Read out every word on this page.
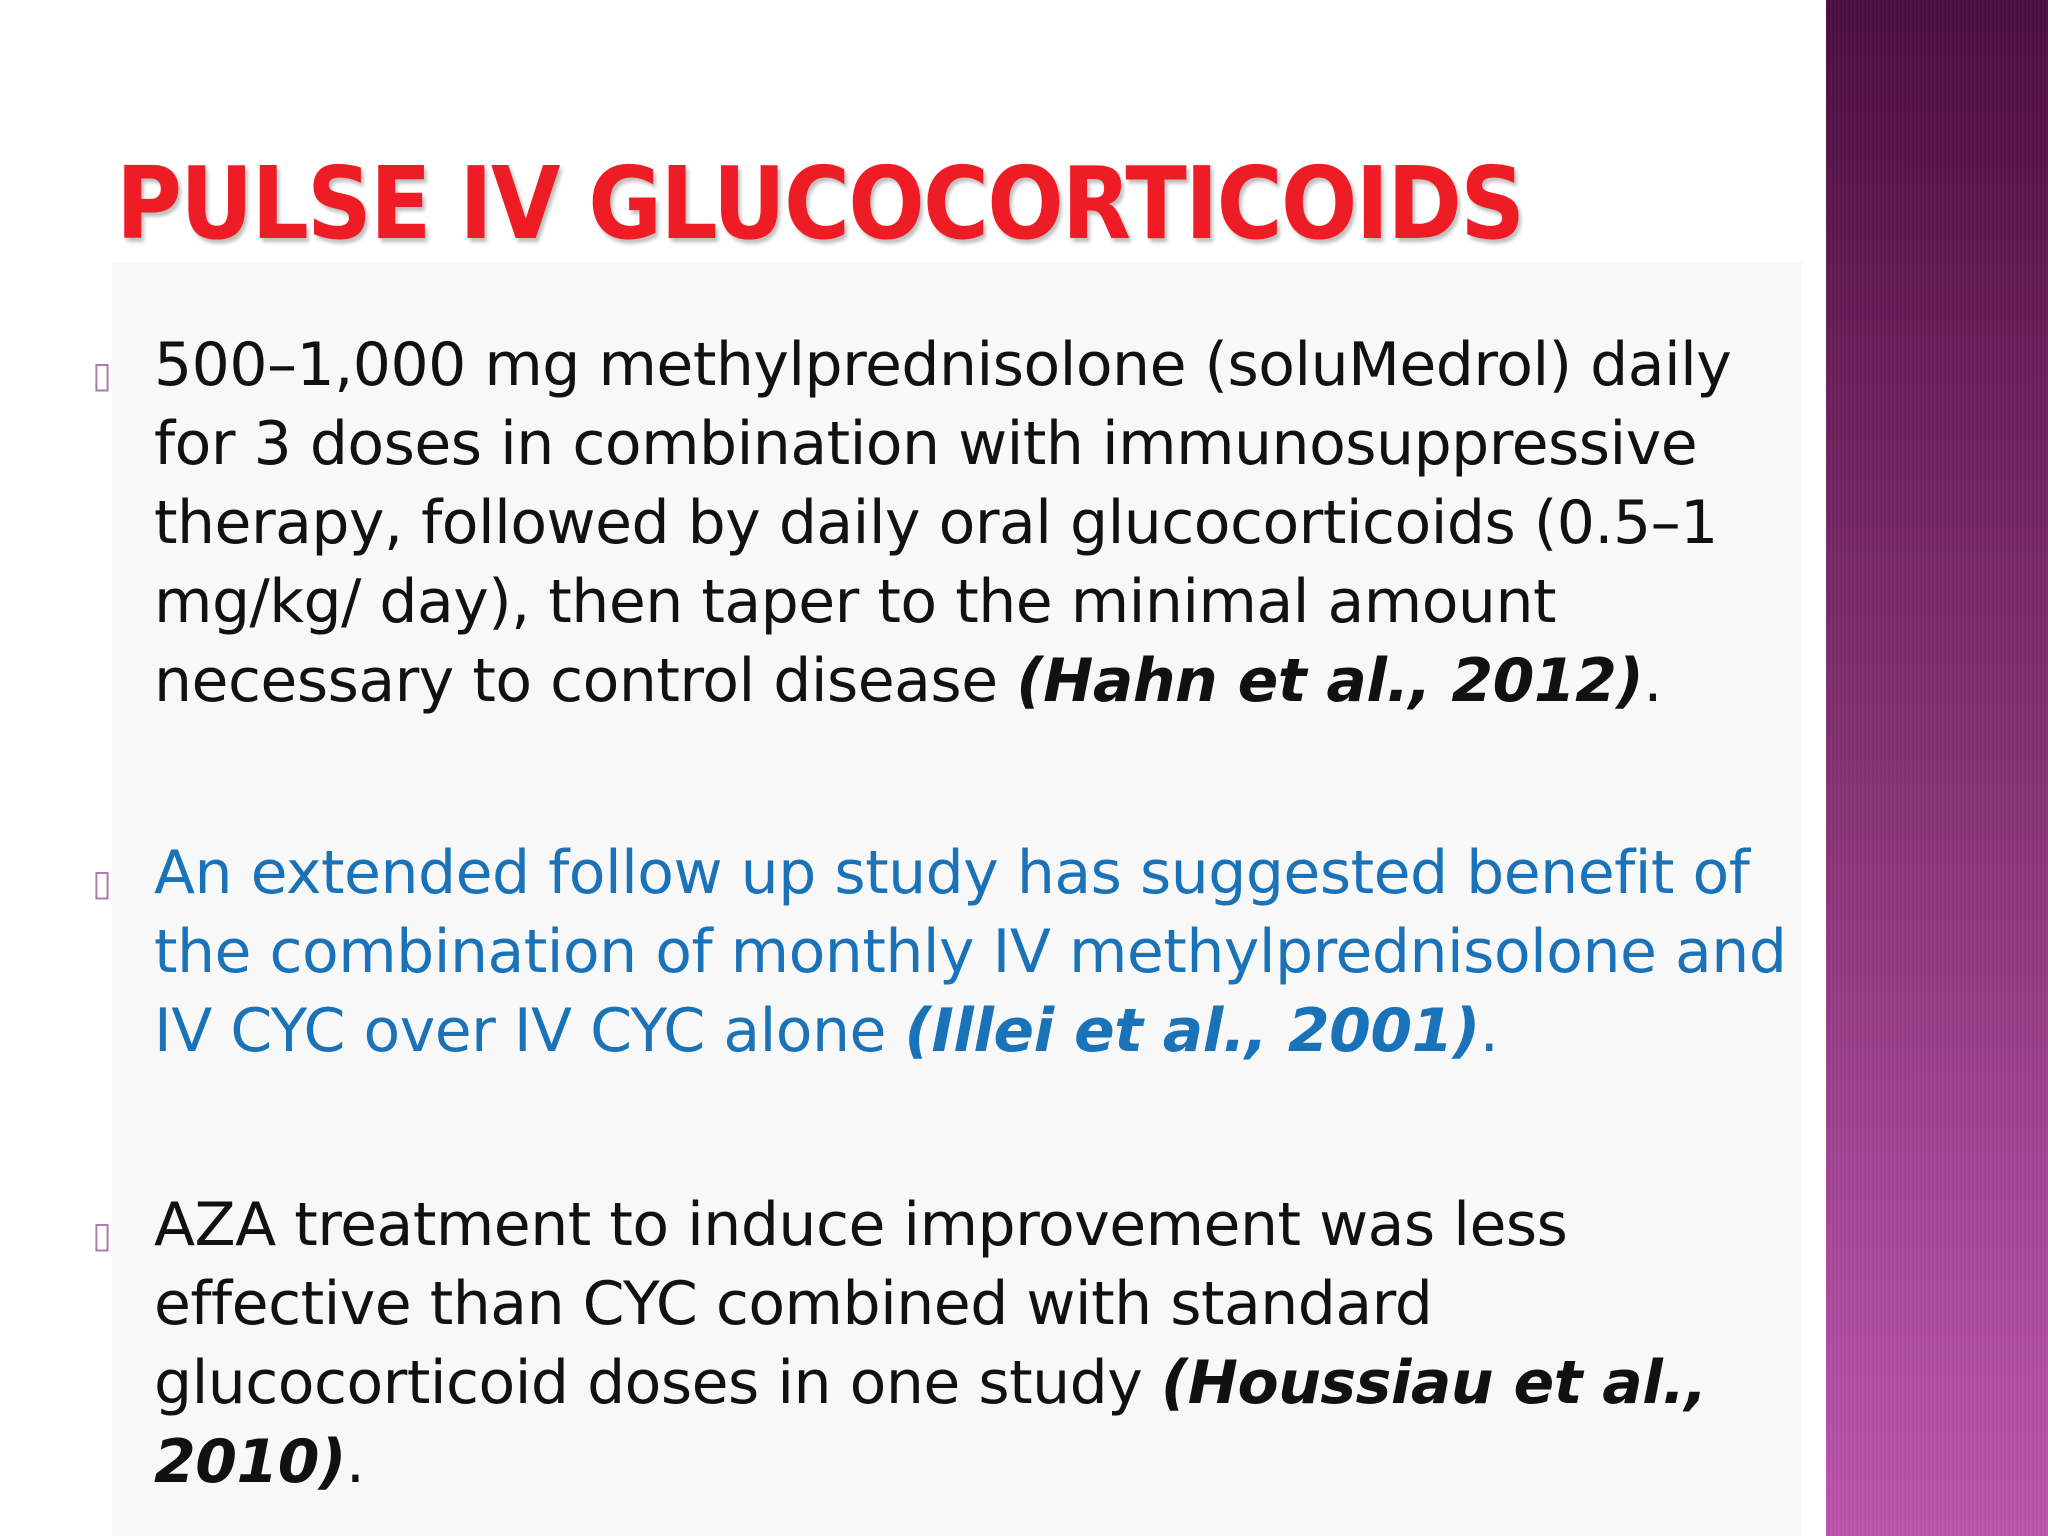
PULSE IV GLUCOCORTICOIDS
▯ 500–1,000 mg methylprednisolone (soluMedrol) daily for 3 doses in combination with immunosuppressive therapy, followed by daily oral glucocorticoids (0.5–1 mg/kg/ day), then taper to the minimal amount necessary to control disease (Hahn et al., 2012).

▯ An extended follow up study has suggested benefit of the combination of monthly IV methylprednisolone and IV CYC over IV CYC alone (Illei et al., 2001).

▯ AZA treatment to induce improvement was less effective than CYC combined with standard glucocorticoid doses in one study (Houssiau et al., 2010).
